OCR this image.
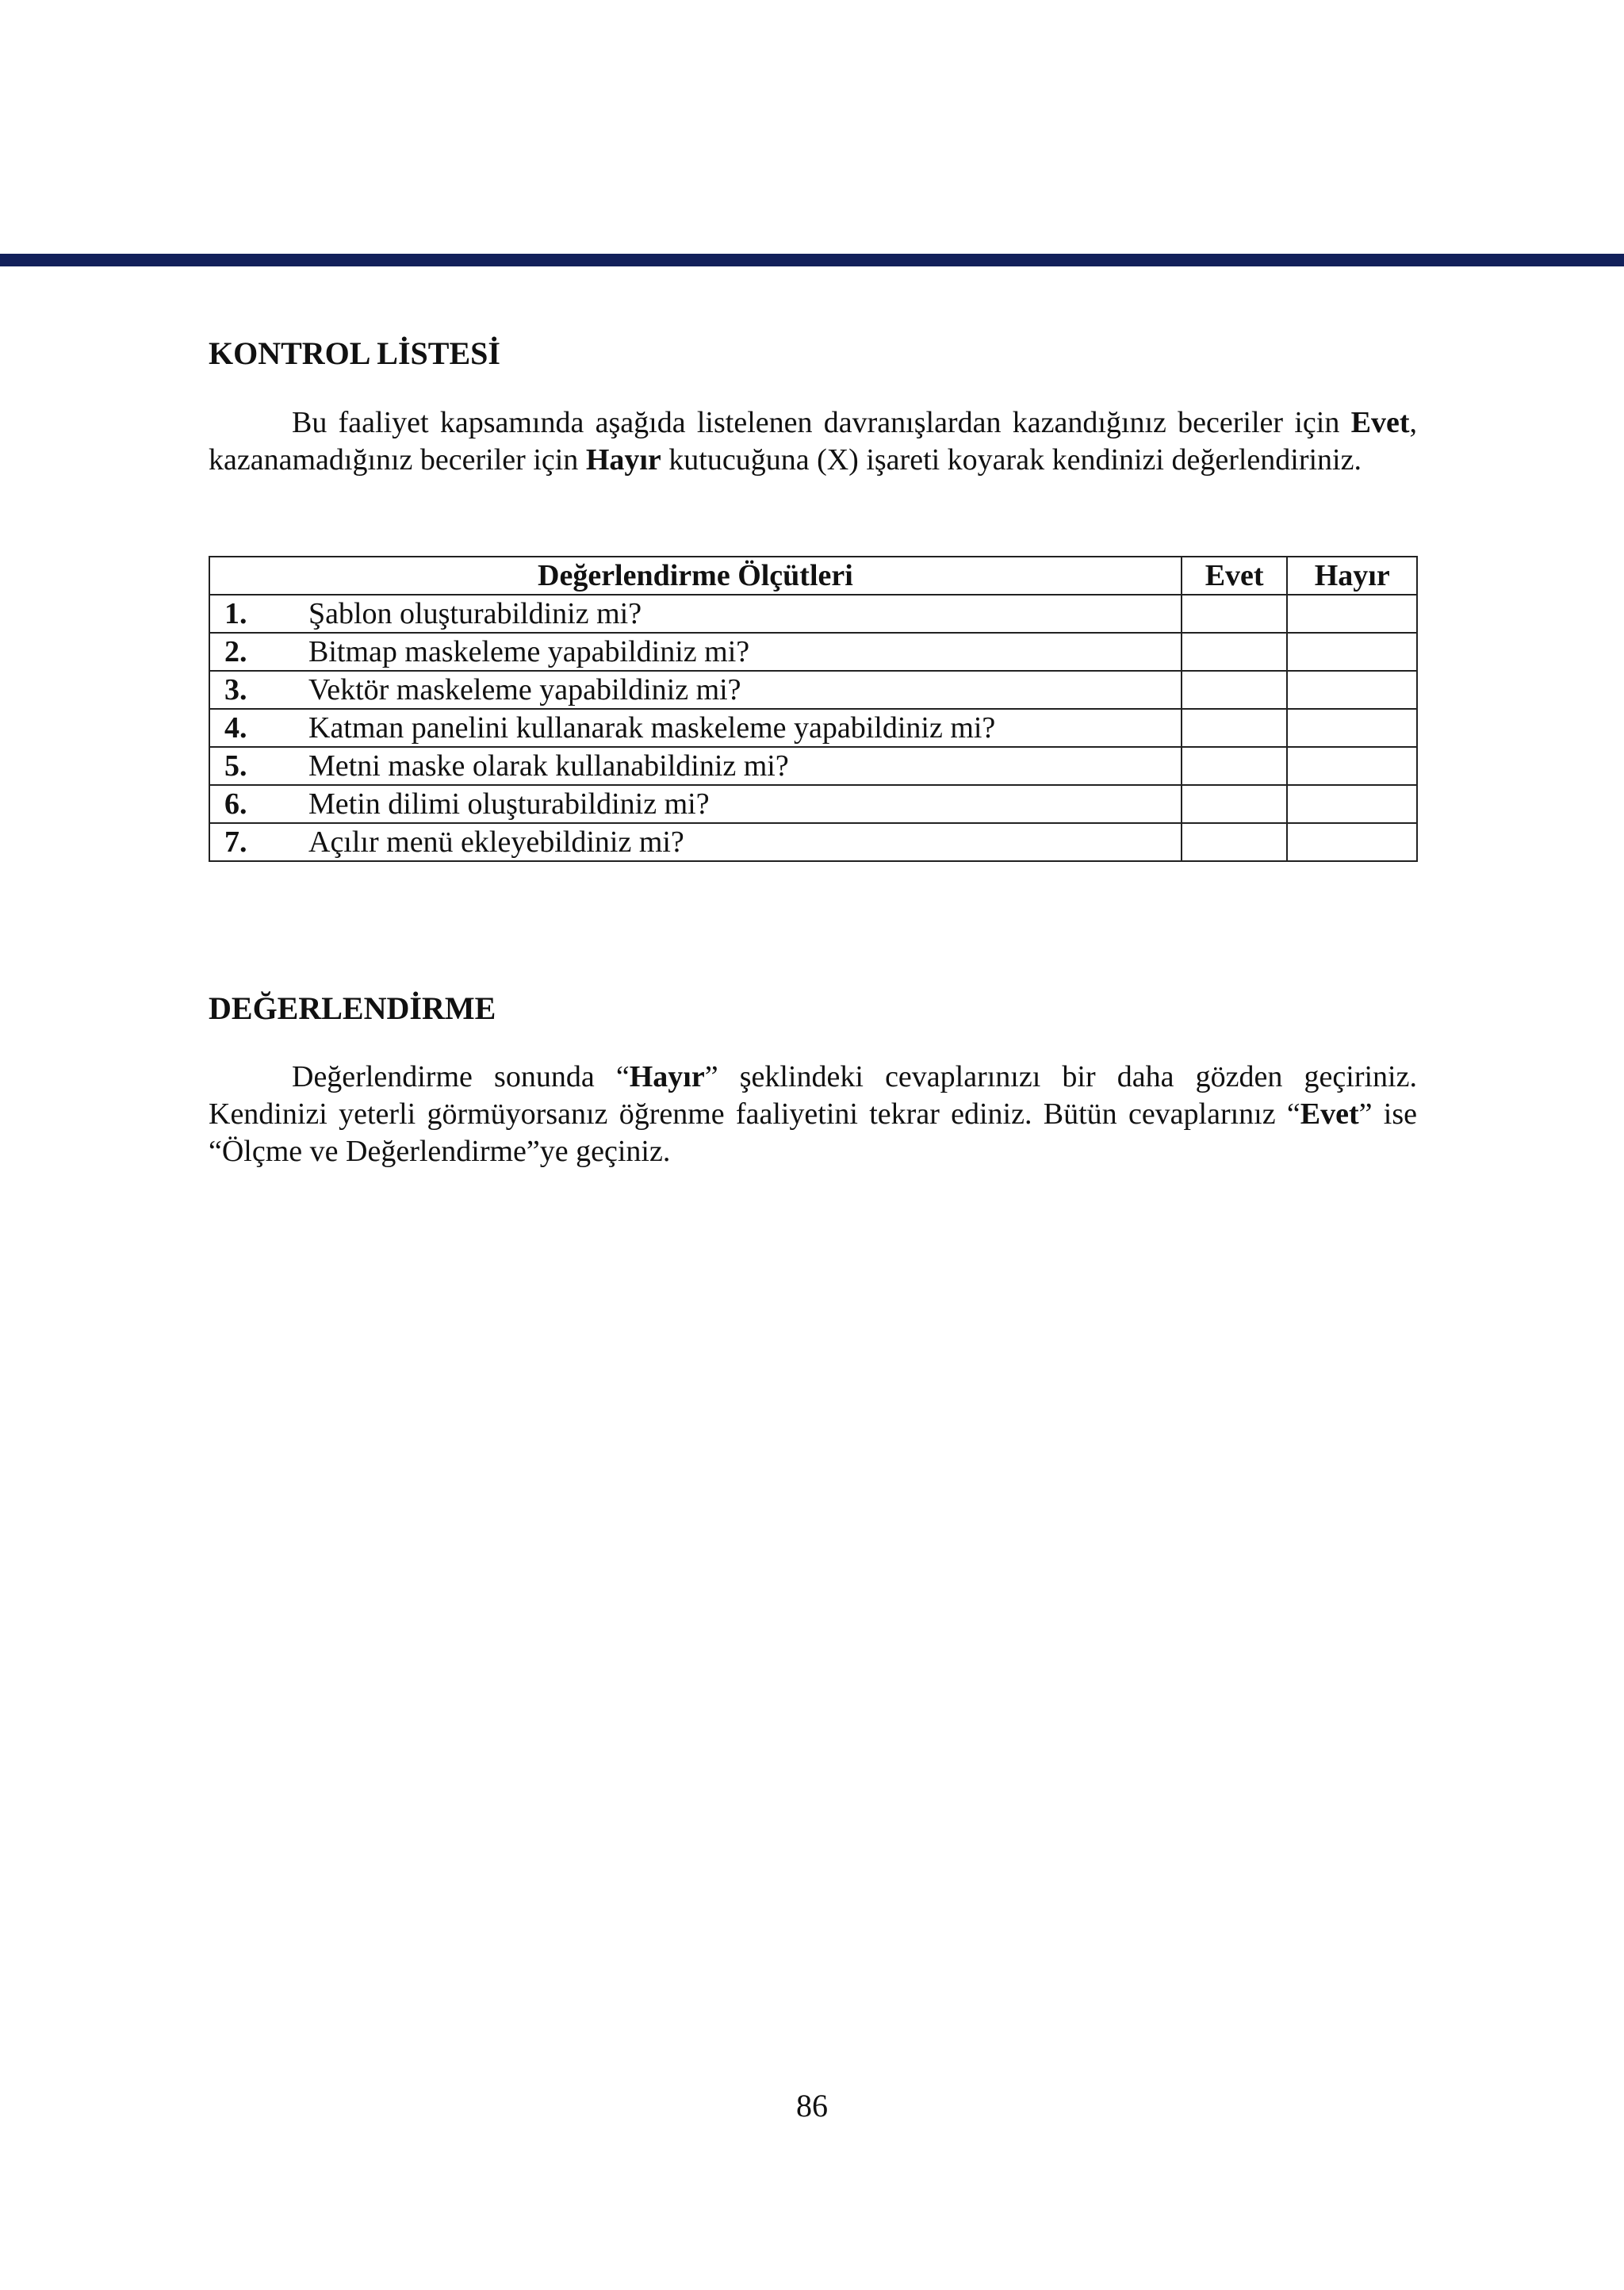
KONTROL LİSTESİ

Bu faaliyet kapsamında aşağıda listelenen davranışlardan kazandığınız beceriler için Evet, kazanamadığınız beceriler için Hayır kutucuğuna (X) işareti koyarak kendinizi değerlendiriniz.

Değerlendirme Ölçütleri	Evet	Hayır
1. Şablon oluşturabildiniz mi?		
2. Bitmap maskeleme yapabildiniz mi?		
3. Vektör maskeleme yapabildiniz mi?		
4. Katman panelini kullanarak maskeleme yapabildiniz mi?		
5. Metni maske olarak kullanabildiniz mi?		
6. Metin dilimi oluşturabildiniz mi?		
7. Açılır menü ekleyebildiniz mi?		
DEĞERLENDİRME

Değerlendirme sonunda “Hayır” şeklindeki cevaplarınızı bir daha gözden geçiriniz. Kendinizi yeterli görmüyorsanız öğrenme faaliyetini tekrar ediniz. Bütün cevaplarınız “Evet” ise “Ölçme ve Değerlendirme”ye geçiniz.

86
